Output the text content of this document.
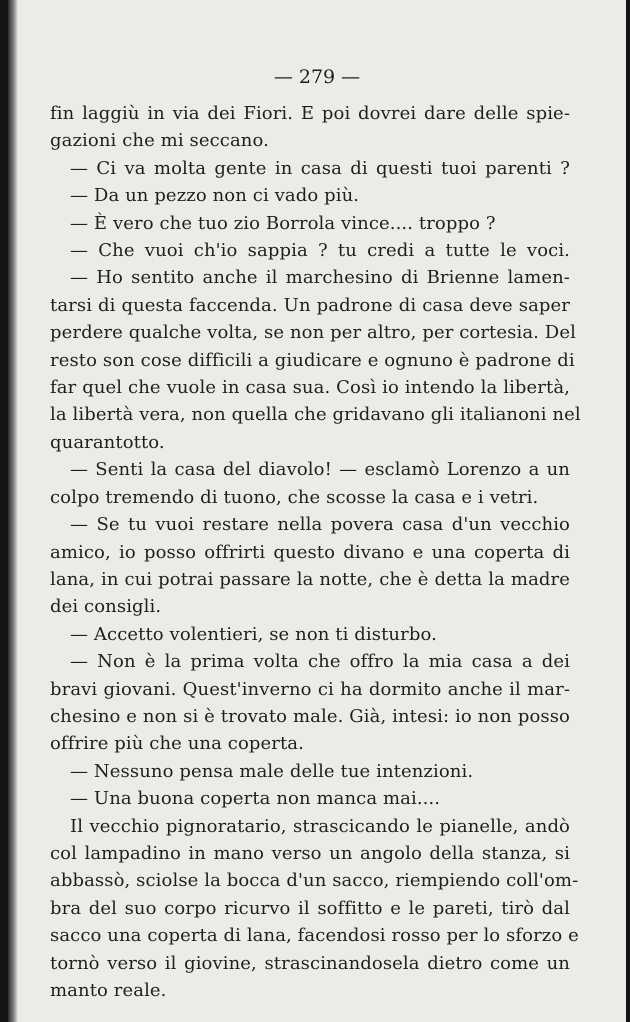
— 279 —
fin laggiù in via dei Fiori. E poi dovrei dare delle spie-
gazioni che mi seccano.
— Ci va molta gente in casa di questi tuoi parenti ?
— Da un pezzo non ci vado più.
— È vero che tuo zio Borrola vince.... troppo ?
— Che vuoi ch'io sappia ? tu credi a tutte le voci.
— Ho sentito anche il marchesino di Brienne lamen-
tarsi di questa faccenda. Un padrone di casa deve saper
perdere qualche volta, se non per altro, per cortesia. Del
resto son cose difficili a giudicare e ognuno è padrone di
far quel che vuole in casa sua. Così io intendo la libertà,
la libertà vera, non quella che gridavano gli italianoni nel
quarantotto.
— Senti la casa del diavolo! — esclamò Lorenzo a un
colpo tremendo di tuono, che scosse la casa e i vetri.
— Se tu vuoi restare nella povera casa d'un vecchio
amico, io posso offrirti questo divano e una coperta di
lana, in cui potrai passare la notte, che è detta la madre
dei consigli.
— Accetto volentieri, se non ti disturbo.
— Non è la prima volta che offro la mia casa a dei
bravi giovani. Quest'inverno ci ha dormito anche il mar-
chesino e non si è trovato male. Già, intesi: io non posso
offrire più che una coperta.
— Nessuno pensa male delle tue intenzioni.
— Una buona coperta non manca mai....
Il vecchio pignoratario, strascicando le pianelle, andò
col lampadino in mano verso un angolo della stanza, si
abbassò, sciolse la bocca d'un sacco, riempiendo coll'om-
bra del suo corpo ricurvo il soffitto e le pareti, tirò dal
sacco una coperta di lana, facendosi rosso per lo sforzo e
tornò verso il giovine, strascinandosela dietro come un
manto reale.
